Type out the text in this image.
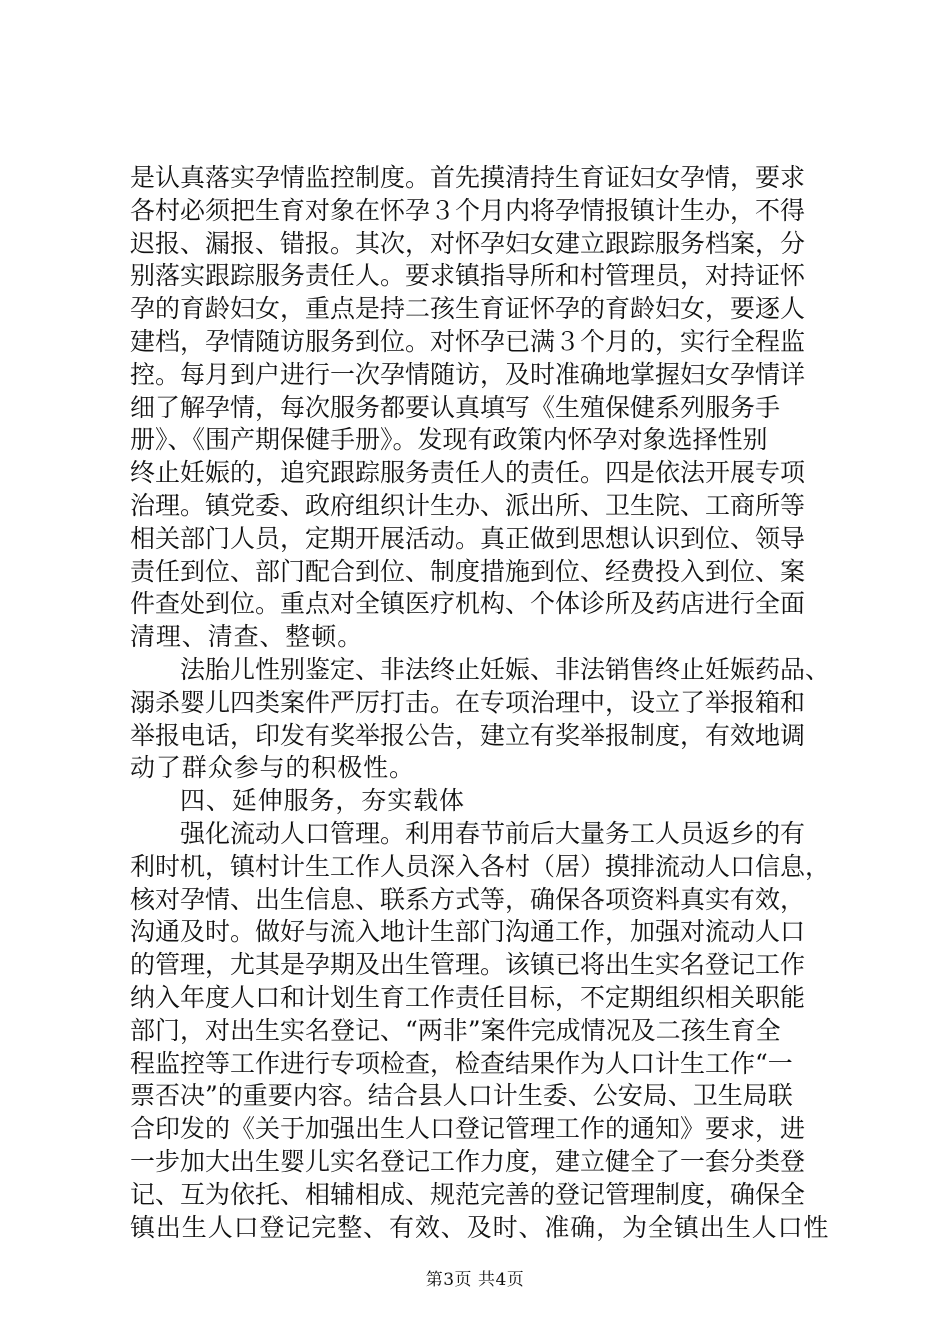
是认真落实孕情监控制度。首先摸清持生育证妇女孕情，要求
各村必须把生育对象在怀孕３个月内将孕情报镇计生办，不得
迟报、漏报、错报。其次，对怀孕妇女建立跟踪服务档案，分
别落实跟踪服务责任人。要求镇指导所和村管理员，对持证怀
孕的育龄妇女，重点是持二孩生育证怀孕的育龄妇女，要逐人
建档，孕情随访服务到位。对怀孕已满３个月的，实行全程监
控。每月到户进行一次孕情随访，及时准确地掌握妇女孕情详
细了解孕情，每次服务都要认真填写《生殖保健系列服务手
册》、《围产期保健手册》。发现有政策内怀孕对象选择性别
终止妊娠的，追究跟踪服务责任人的责任。四是依法开展专项
治理。镇党委、政府组织计生办、派出所、卫生院、工商所等
相关部门人员，定期开展活动。真正做到思想认识到位、领导
责任到位、部门配合到位、制度措施到位、经费投入到位、案
件查处到位。重点对全镇医疗机构、个体诊所及药店进行全面
清理、清查、整顿。
法胎儿性别鉴定、非法终止妊娠、非法销售终止妊娠药品、
溺杀婴儿四类案件严厉打击。在专项治理中，设立了举报箱和
举报电话，印发有奖举报公告，建立有奖举报制度，有效地调
动了群众参与的积极性。
四、延伸服务，夯实载体
强化流动人口管理。利用春节前后大量务工人员返乡的有
利时机，镇村计生工作人员深入各村（居）摸排流动人口信息，
核对孕情、出生信息、联系方式等，确保各项资料真实有效，
沟通及时。做好与流入地计生部门沟通工作，加强对流动人口
的管理，尤其是孕期及出生管理。该镇已将出生实名登记工作
纳入年度人口和计划生育工作责任目标，不定期组织相关职能
部门，对出生实名登记、“两非”案件完成情况及二孩生育全
程监控等工作进行专项检查，检查结果作为人口计生工作“一
票否决”的重要内容。结合县人口计生委、公安局、卫生局联
合印发的《关于加强出生人口登记管理工作的通知》要求，进
一步加大出生婴儿实名登记工作力度，建立健全了一套分类登
记、互为依托、相辅相成、规范完善的登记管理制度，确保全
镇出生人口登记完整、有效、及时、准确，为全镇出生人口性
第3页 共4页
